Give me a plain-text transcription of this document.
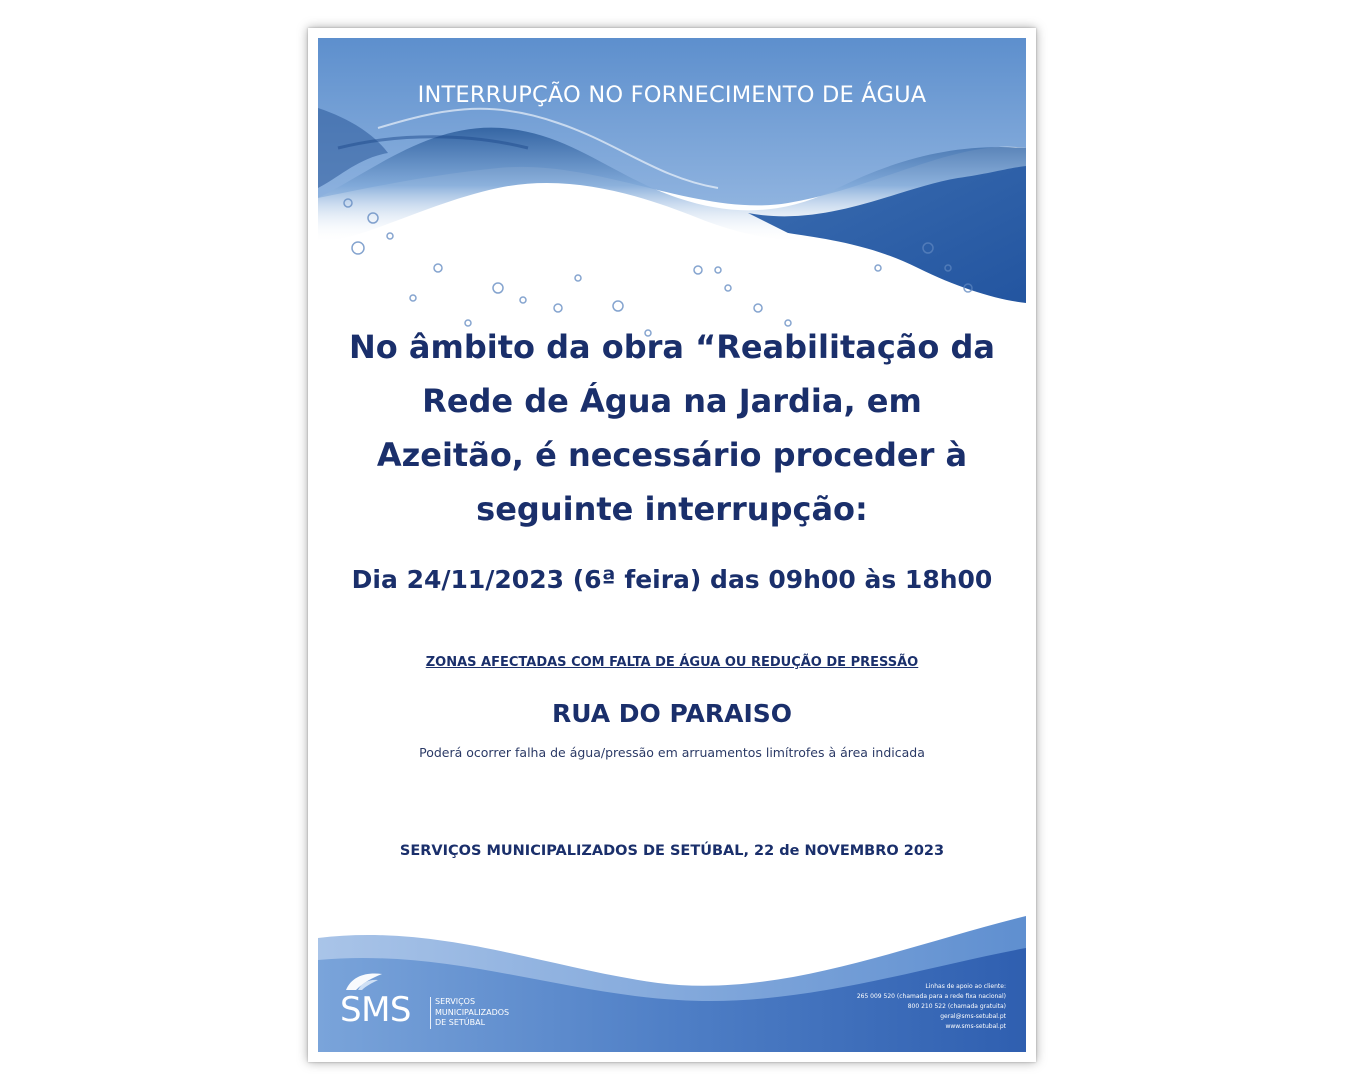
INTERRUPÇÃO NO FORNECIMENTO DE ÁGUA
No âmbito da obra “Reabilitação da
Rede de Água na Jardia, em
Azeitão, é necessário proceder à
seguinte interrupção:
Dia 24/11/2023 (6ª feira) das 09h00 às 18h00
ZONAS AFECTADAS COM FALTA DE ÁGUA OU REDUÇÃO DE PRESSÃO
RUA DO PARAISO
Poderá ocorrer falha de água/pressão em arruamentos limítrofes à área indicada
SERVIÇOS MUNICIPALIZADOS DE SETÚBAL, 22 de NOVEMBRO 2023
SMS	SERVIÇOS
MUNICIPALIZADOS
DE SETÚBAL
Linhas de apoio ao cliente:
265 009 520 (chamada para a rede fixa nacional)
800 210 522 (chamada gratuita)
geral@sms-setubal.pt
www.sms-setubal.pt
